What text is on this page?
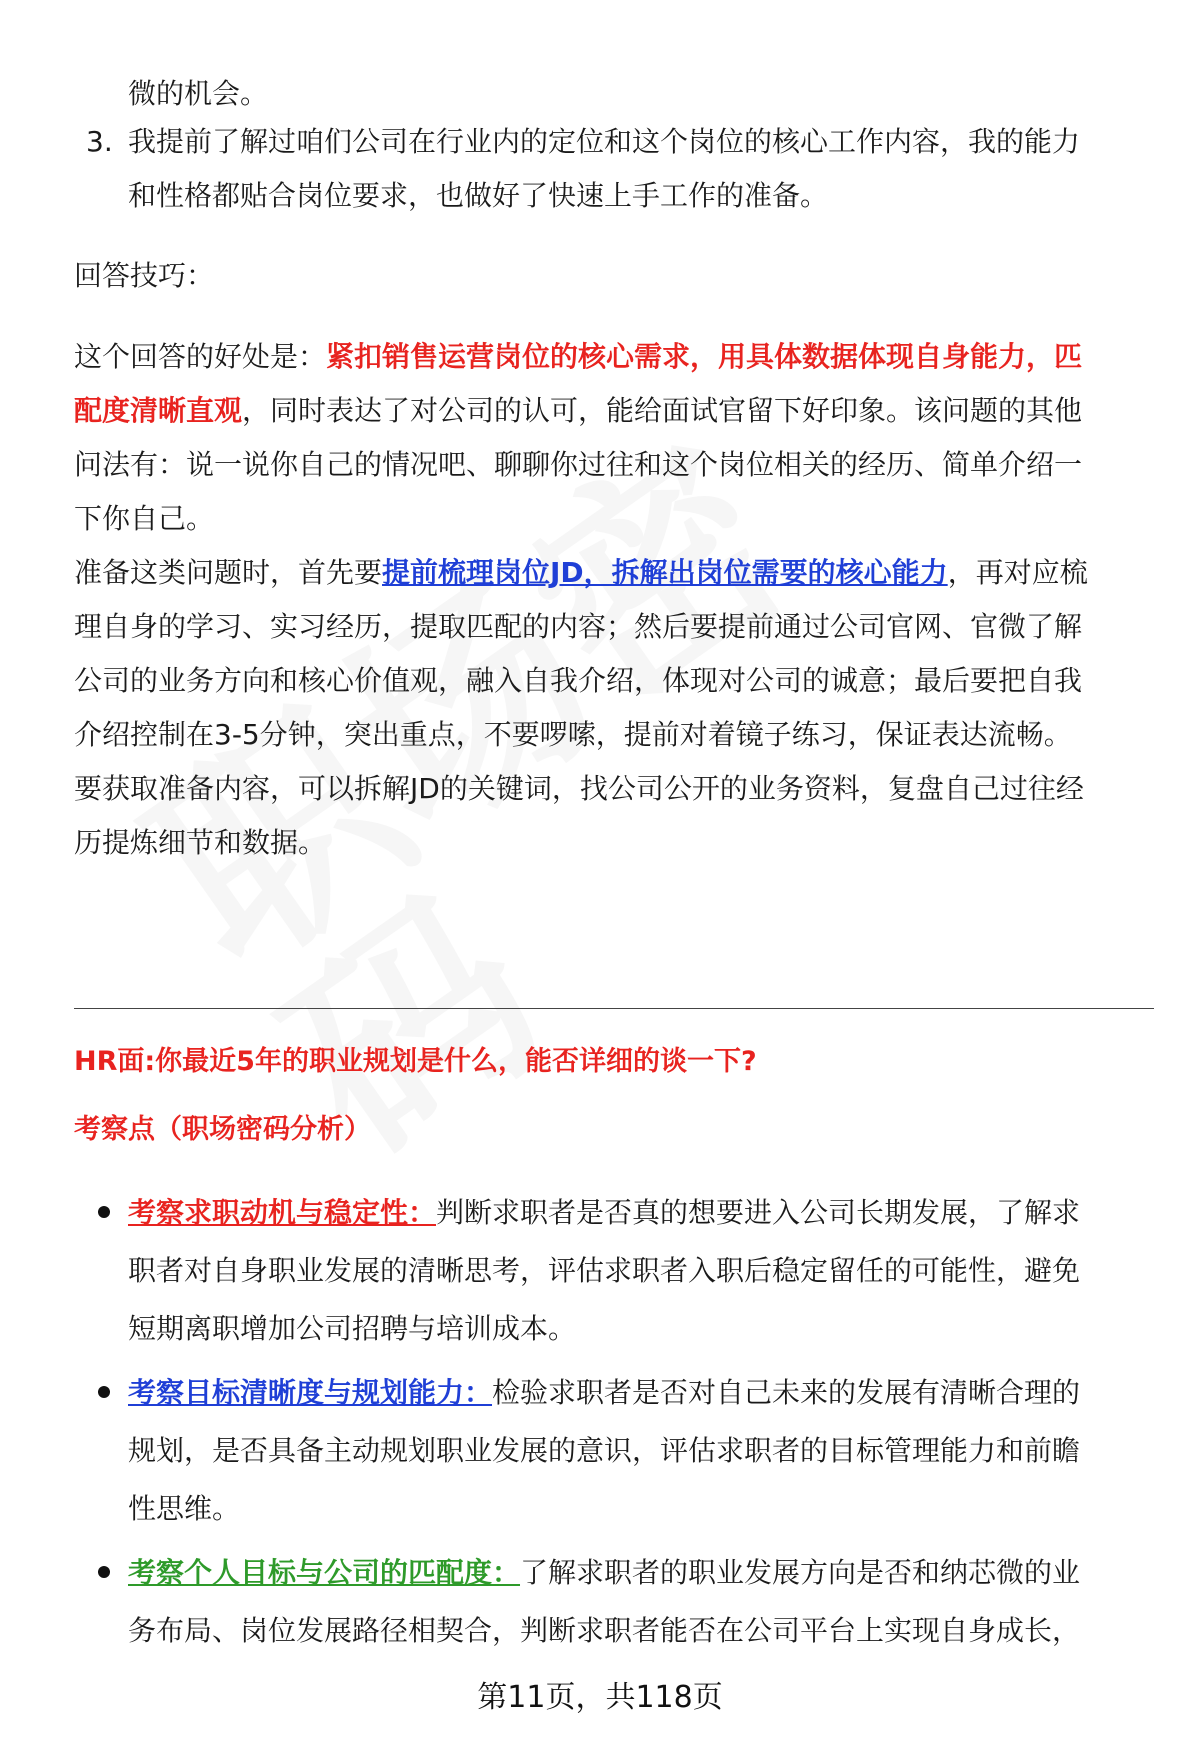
微的机会。

3. 我提前了解过咱们公司在行业内的定位和这个岗位的核心工作内容，我的能力

和性格都贴合岗位要求，也做好了快速上手工作的准备。

回答技巧：

这个回答的好处是：紧扣销售运营岗位的核心需求，用具体数据体现自身能力，匹

配度清晰直观，同时表达了对公司的认可，能给面试官留下好印象。该问题的其他

问法有：说一说你自己的情况吧、聊聊你过往和这个岗位相关的经历、简单介绍一

下你自己。

准备这类问题时，首先要提前梳理岗位JD，拆解出岗位需要的核心能力，再对应梳

理自身的学习、实习经历，提取匹配的内容；然后要提前通过公司官网、官微了解

公司的业务方向和核心价值观，融入自我介绍，体现对公司的诚意；最后要把自我

介绍控制在3-5分钟，突出重点，不要啰嗦，提前对着镜子练习，保证表达流畅。

要获取准备内容，可以拆解JD的关键词，找公司公开的业务资料，复盘自己过往经

历提炼细节和数据。

HR面:你最近5年的职业规划是什么，能否详细的谈一下?

考察点（职场密码分析）

考察求职动机与稳定性：判断求职者是否真的想要进入公司长期发展，了解求

职者对自身职业发展的清晰思考，评估求职者入职后稳定留任的可能性，避免

短期离职增加公司招聘与培训成本。

考察目标清晰度与规划能力：检验求职者是否对自己未来的发展有清晰合理的

规划，是否具备主动规划职业发展的意识，评估求职者的目标管理能力和前瞻

性思维。

考察个人目标与公司的匹配度：了解求职者的职业发展方向是否和纳芯微的业

务布局、岗位发展路径相契合，判断求职者能否在公司平台上实现自身成长，

第11页，共118页
